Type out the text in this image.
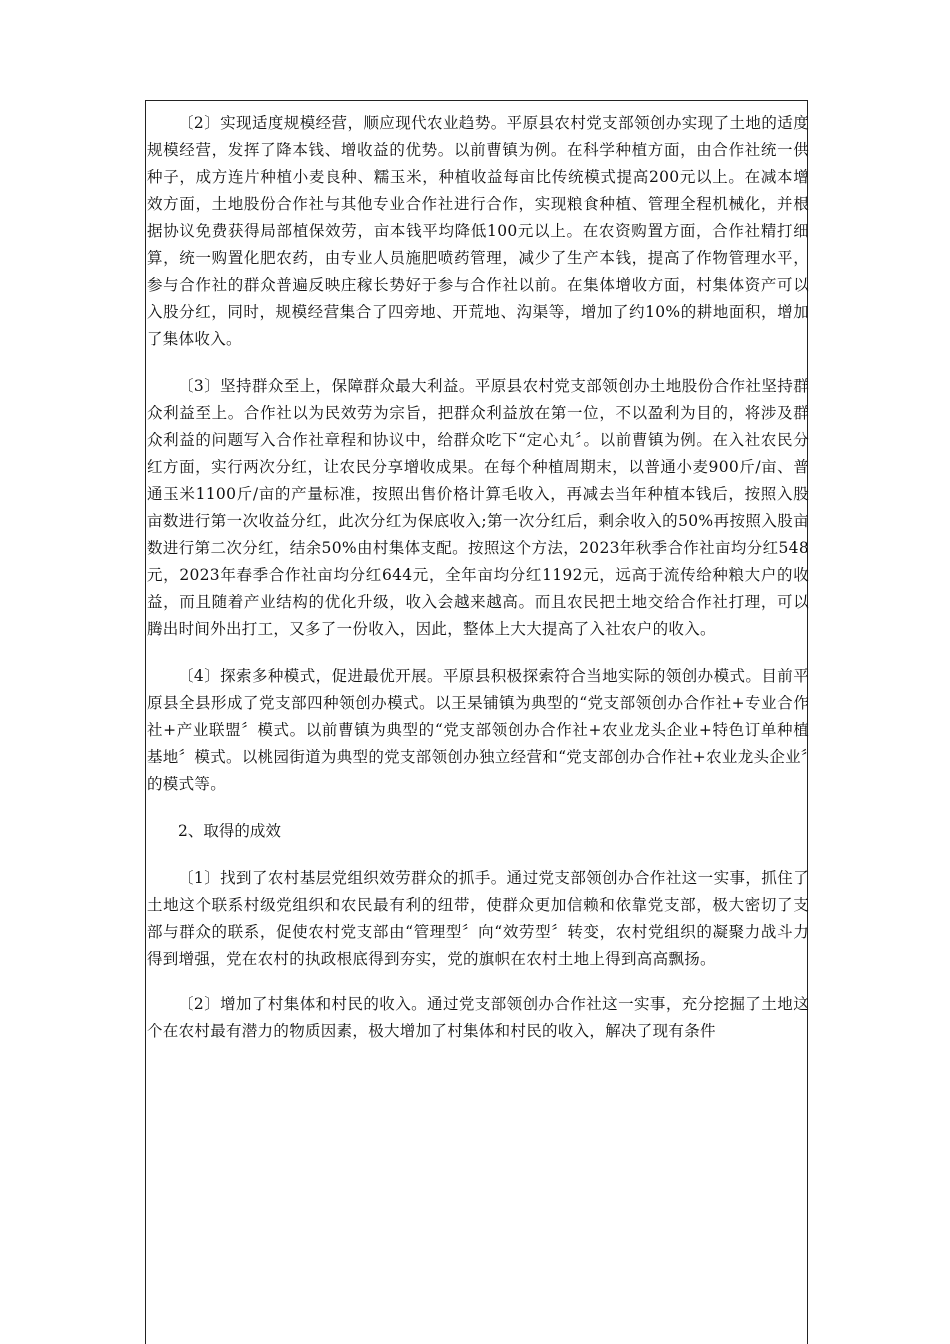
〔2〕实现适度规模经营，顺应现代农业趋势。平原县农村党支部领创办实现了土地的适度规模经营，发挥了降本钱、增收益的优势。以前曹镇为例。在科学种植方面，由合作社统一供种子，成方连片种植小麦良种、糯玉米，种植收益每亩比传统模式提高200元以上。在减本增效方面，土地股份合作社与其他专业合作社进行合作，实现粮食种植、管理全程机械化，并根据协议免费获得局部植保效劳，亩本钱平均降低100元以上。在农资购置方面，合作社精打细算，统一购置化肥农药，由专业人员施肥喷药管理，减少了生产本钱，提高了作物管理水平，参与合作社的群众普遍反映庄稼长势好于参与合作社以前。在集体增收方面，村集体资产可以入股分红，同时，规模经营集合了四旁地、开荒地、沟渠等，增加了约10%的耕地面积，增加了集体收入。

〔3〕坚持群众至上，保障群众最大利益。平原县农村党支部领创办土地股份合作社坚持群众利益至上。合作社以为民效劳为宗旨，把群众利益放在第一位，不以盈利为目的，将涉及群众利益的问题写入合作社章程和协议中，给群众吃下“定心丸〞。以前曹镇为例。在入社农民分红方面，实行两次分红，让农民分享增收成果。在每个种植周期末，以普通小麦900斤/亩、普通玉米1100斤/亩的产量标准，按照出售价格计算毛收入，再减去当年种植本钱后，按照入股亩数进行第一次收益分红，此次分红为保底收入;第一次分红后，剩余收入的50%再按照入股亩数进行第二次分红，结余50%由村集体支配。按照这个方法，2023年秋季合作社亩均分红548元，2023年春季合作社亩均分红644元，全年亩均分红1192元，远高于流传给种粮大户的收益，而且随着产业结构的优化升级，收入会越来越高。而且农民把土地交给合作社打理，可以腾出时间外出打工，又多了一份收入，因此，整体上大大提高了入社农户的收入。

〔4〕探索多种模式，促进最优开展。平原县积极探索符合当地实际的领创办模式。目前平原县全县形成了党支部四种领创办模式。以王杲铺镇为典型的“党支部领创办合作社+专业合作社+产业联盟〞模式。以前曹镇为典型的“党支部领创办合作社+农业龙头企业+特色订单种植基地〞模式。以桃园街道为典型的党支部领创办独立经营和“党支部创办合作社+农业龙头企业〞的模式等。

2、取得的成效

〔1〕找到了农村基层党组织效劳群众的抓手。通过党支部领创办合作社这一实事，抓住了土地这个联系村级党组织和农民最有利的纽带，使群众更加信赖和依靠党支部，极大密切了支部与群众的联系，促使农村党支部由“管理型〞向“效劳型〞转变，农村党组织的凝聚力战斗力得到增强，党在农村的执政根底得到夯实，党的旗帜在农村土地上得到高高飘扬。

〔2〕增加了村集体和村民的收入。通过党支部领创办合作社这一实事，充分挖掘了土地这个在农村最有潜力的物质因素，极大增加了村集体和村民的收入，解决了现有条件
